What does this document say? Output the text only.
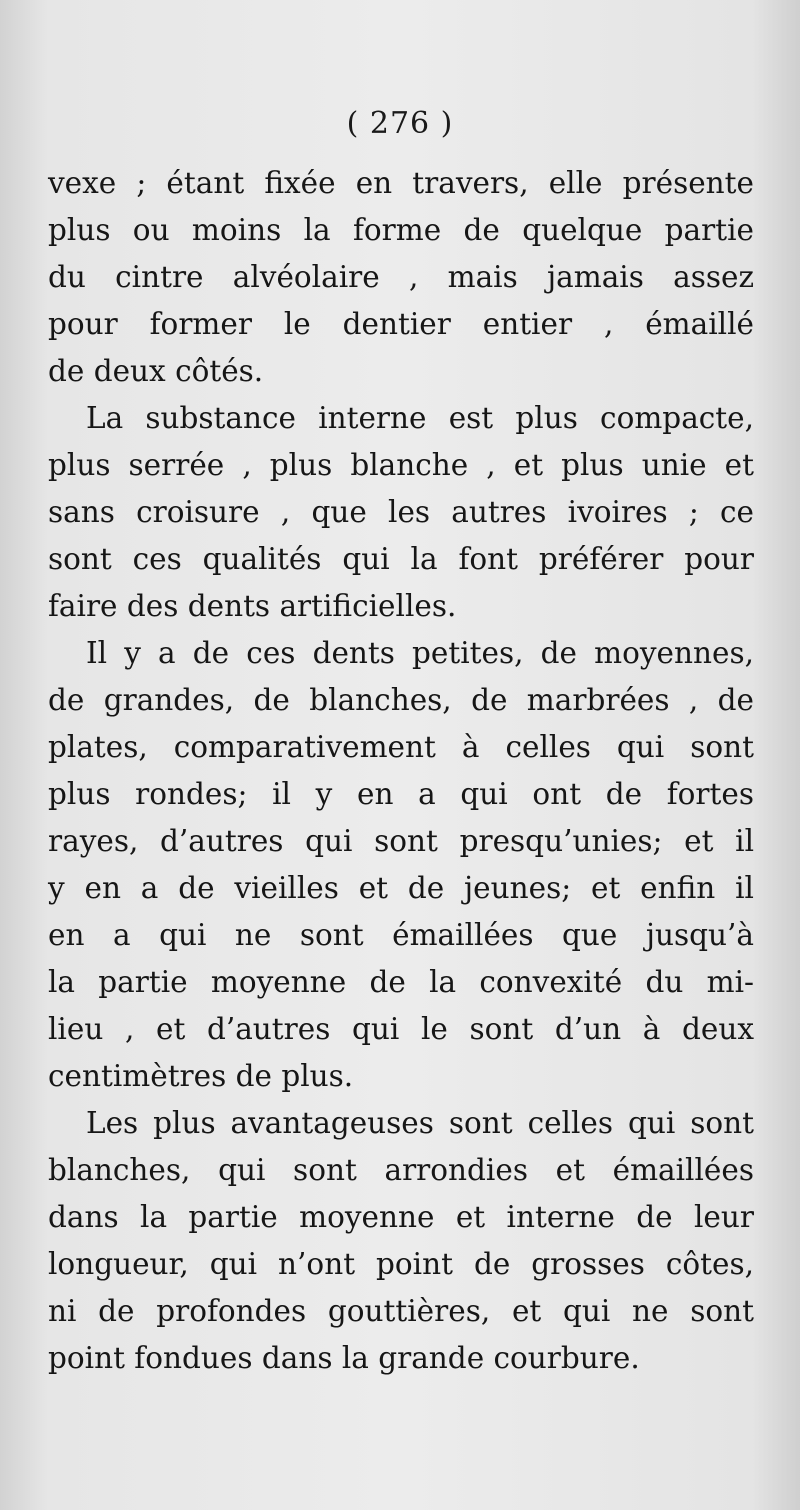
( 276 )

vexe ; étant fixée en travers, elle présente
plus ou moins la forme de quelque partie
du cintre alvéolaire , mais jamais assez
pour former le dentier entier , émaillé
de deux côtés.

La substance interne est plus compacte,
plus serrée , plus blanche , et plus unie et
sans croisure , que les autres ivoires ; ce
sont ces qualités qui la font préférer pour
faire des dents artificielles.

Il y a de ces dents petites, de moyennes,
de grandes, de blanches, de marbrées , de
plates, comparativement à celles qui sont
plus rondes; il y en a qui ont de fortes
rayes, d’autres qui sont presqu’unies; et il
y en a de vieilles et de jeunes; et enfin il
en a qui ne sont émaillées que jusqu’à
la partie moyenne de la convexité du mi-
lieu , et d’autres qui le sont d’un à deux
centimètres de plus.

Les plus avantageuses sont celles qui sont
blanches, qui sont arrondies et émaillées
dans la partie moyenne et interne de leur
longueur, qui n’ont point de grosses côtes,
ni de profondes gouttières, et qui ne sont
point fondues dans la grande courbure.
